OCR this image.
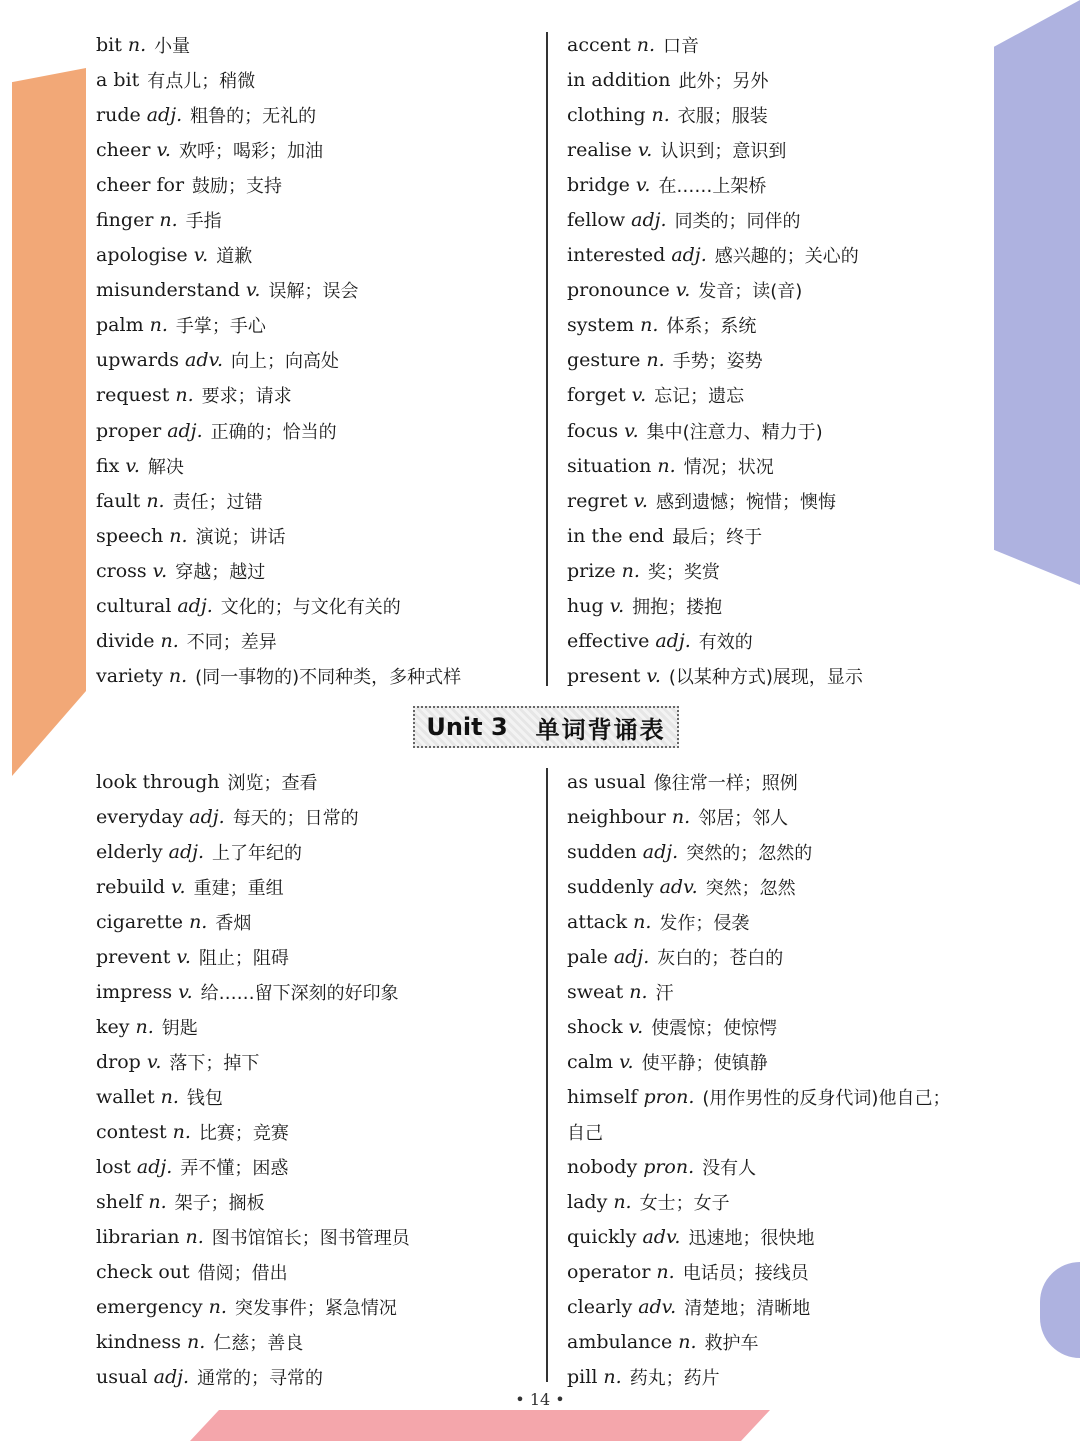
bit n. 小量
a bit 有点儿；稍微
rude adj. 粗鲁的；无礼的
cheer v. 欢呼；喝彩；加油
cheer for 鼓励；支持
finger n. 手指
apologise v. 道歉
misunderstand v. 误解；误会
palm n. 手掌；手心
upwards adv. 向上；向高处
request n. 要求；请求
proper adj. 正确的；恰当的
fix v. 解决
fault n. 责任；过错
speech n. 演说；讲话
cross v. 穿越；越过
cultural adj. 文化的；与文化有关的
divide n. 不同；差异
variety n. (同一事物的)不同种类，多种式样
accent n. 口音
in addition 此外；另外
clothing n. 衣服；服装
realise v. 认识到；意识到
bridge v. 在……上架桥
fellow adj. 同类的；同伴的
interested adj. 感兴趣的；关心的
pronounce v. 发音；读(音)
system n. 体系；系统
gesture n. 手势；姿势
forget v. 忘记；遗忘
focus v. 集中(注意力、精力于)
situation n. 情况；状况
regret v. 感到遗憾；惋惜；懊悔
in the end 最后；终于
prize n. 奖；奖赏
hug v. 拥抱；搂抱
effective adj. 有效的
present v. (以某种方式)展现，显示
Unit 3 单词背诵表
look through 浏览；查看
everyday adj. 每天的；日常的
elderly adj. 上了年纪的
rebuild v. 重建；重组
cigarette n. 香烟
prevent v. 阻止；阻碍
impress v. 给……留下深刻的好印象
key n. 钥匙
drop v. 落下；掉下
wallet n. 钱包
contest n. 比赛；竞赛
lost adj. 弄不懂；困惑
shelf n. 架子；搁板
librarian n. 图书馆馆长；图书管理员
check out 借阅；借出
emergency n. 突发事件；紧急情况
kindness n. 仁慈；善良
usual adj. 通常的；寻常的
as usual 像往常一样；照例
neighbour n. 邻居；邻人
sudden adj. 突然的；忽然的
suddenly adv. 突然；忽然
attack n. 发作；侵袭
pale adj. 灰白的；苍白的
sweat n. 汗
shock v. 使震惊；使惊愕
calm v. 使平静；使镇静
himself pron. (用作男性的反身代词)他自己；
自己
nobody pron. 没有人
lady n. 女士；女子
quickly adv. 迅速地；很快地
operator n. 电话员；接线员
clearly adv. 清楚地；清晰地
ambulance n. 救护车
pill n. 药丸；药片
• 14 •
